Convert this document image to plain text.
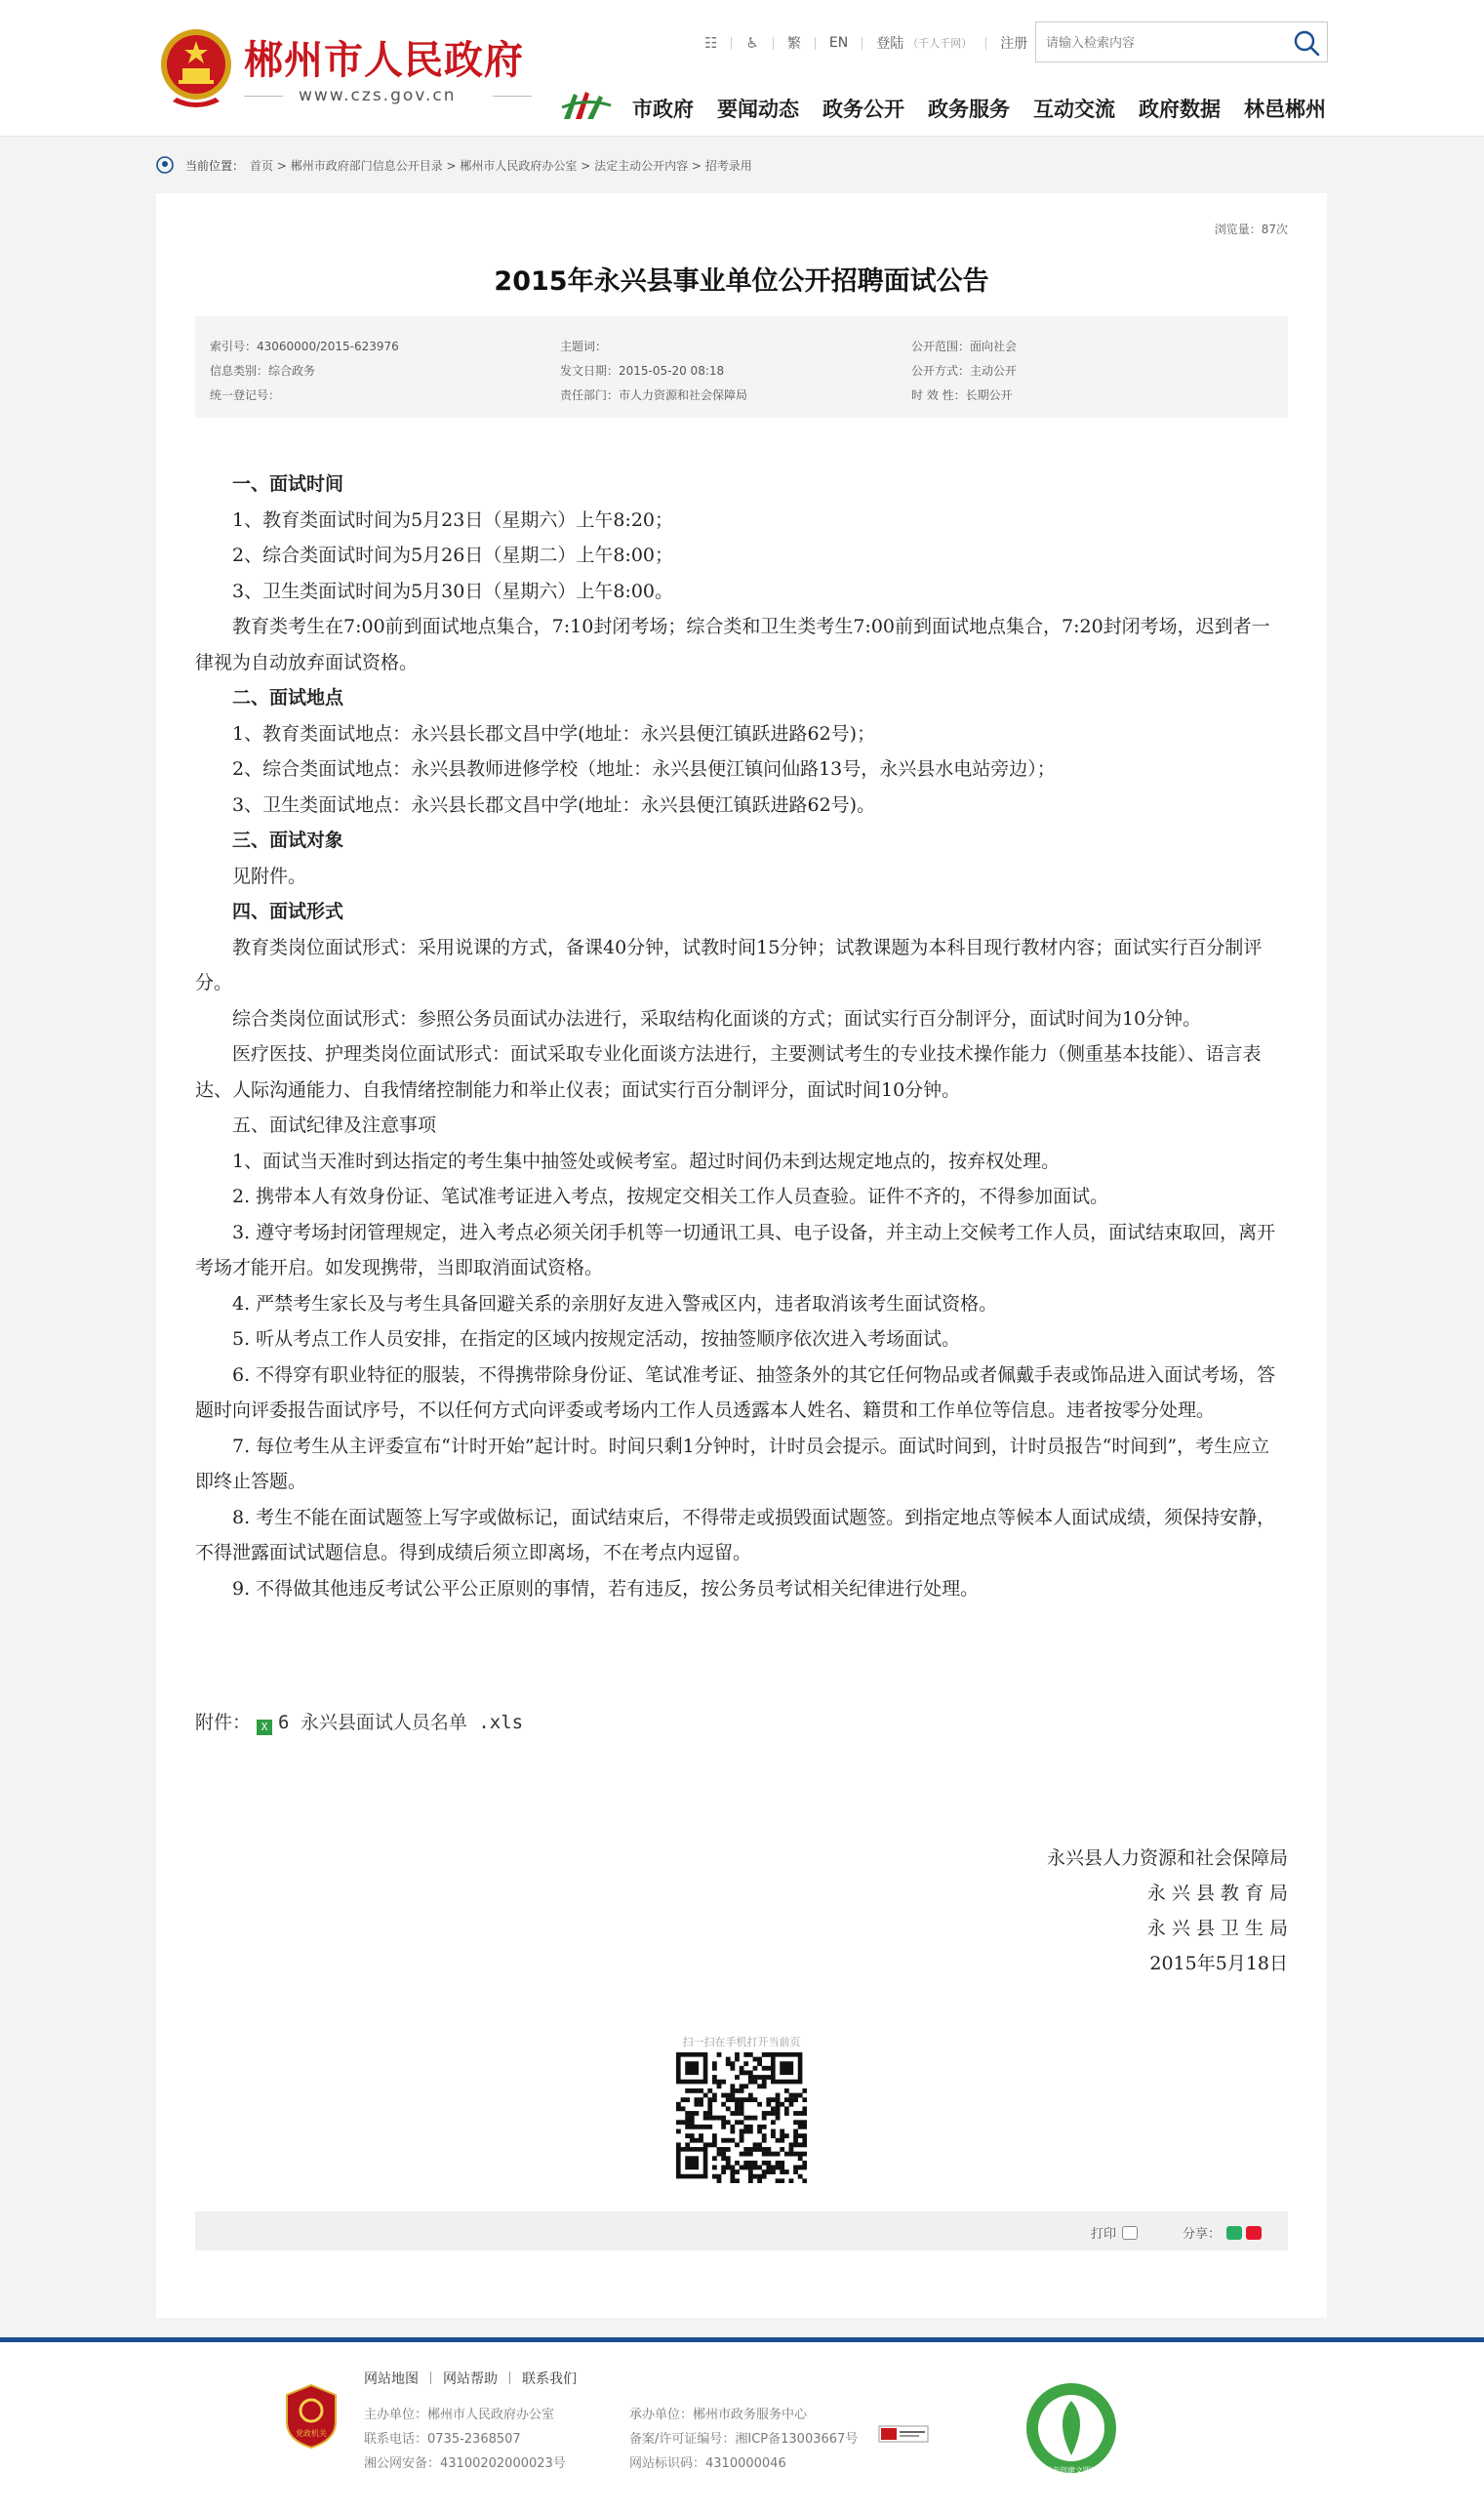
郴州市人民政府
www.czs.gov.cn
☷ ♿ 繁 EN 登陆 （千人千网） 注册
请输入检索内容
市政府 要闻动态 政务公开 政务服务 互动交流 政府数据 林邑郴州
当前位置： 首页 > 郴州市政府部门信息公开目录 > 郴州市人民政府办公室 > 法定主动公开内容 > 招考录用
浏览量：87次
2015年永兴县事业单位公开招聘面试公告
索引号：43060000/2015-623976
信息类别：综合政务
统一登记号：
主题词：
发文日期：2015-05-20 08:18
责任部门：市人力资源和社会保障局
公开范围：面向社会
公开方式：主动公开
时 效 性：长期公开

一、面试时间

1、教育类面试时间为5月23日（星期六）上午8:20；

2、综合类面试时间为5月26日（星期二）上午8:00；

3、卫生类面试时间为5月30日（星期六）上午8:00。

教育类考生在7:00前到面试地点集合，7:10封闭考场；综合类和卫生类考生7:00前到面试地点集合，7:20封闭考场，迟到者一律视为自动放弃面试资格。

二、面试地点

1、教育类面试地点：永兴县长郡文昌中学(地址：永兴县便江镇跃进路62号)；

2、综合类面试地点：永兴县教师进修学校（地址：永兴县便江镇问仙路13号，永兴县水电站旁边）；

3、卫生类面试地点：永兴县长郡文昌中学(地址：永兴县便江镇跃进路62号)。

三、面试对象

见附件。

四、面试形式

教育类岗位面试形式：采用说课的方式，备课40分钟，试教时间15分钟；试教课题为本科目现行教材内容；面试实行百分制评分。

综合类岗位面试形式：参照公务员面试办法进行，采取结构化面谈的方式；面试实行百分制评分，面试时间为10分钟。

医疗医技、护理类岗位面试形式：面试采取专业化面谈方法进行，主要测试考生的专业技术操作能力（侧重基本技能）、语言表达、人际沟通能力、自我情绪控制能力和举止仪表；面试实行百分制评分，面试时间10分钟。

五、面试纪律及注意事项

1、面试当天准时到达指定的考生集中抽签处或候考室。超过时间仍未到达规定地点的，按弃权处理。

2. 携带本人有效身份证、笔试准考证进入考点，按规定交相关工作人员查验。证件不齐的，不得参加面试。

3. 遵守考场封闭管理规定，进入考点必须关闭手机等一切通讯工具、电子设备，并主动上交候考工作人员，面试结束取回，离开考场才能开启。如发现携带，当即取消面试资格。

4. 严禁考生家长及与考生具备回避关系的亲朋好友进入警戒区内，违者取消该考生面试资格。

5. 听从考点工作人员安排，在指定的区域内按规定活动，按抽签顺序依次进入考场面试。

6. 不得穿有职业特征的服装，不得携带除身份证、笔试准考证、抽签条外的其它任何物品或者佩戴手表或饰品进入面试考场，答题时向评委报告面试序号，不以任何方式向评委或考场内工作人员透露本人姓名、籍贯和工作单位等信息。违者按零分处理。

7. 每位考生从主评委宣布“计时开始”起计时。时间只剩1分钟时，计时员会提示。面试时间到，计时员报告“时间到”，考生应立即终止答题。

8. 考生不能在面试题签上写字或做标记，面试结束后，不得带走或损毁面试题签。到指定地点等候本人面试成绩，须保持安静，不得泄露面试试题信息。得到成绩后须立即离场，不在考点内逗留。

9. 不得做其他违反考试公平公正原则的事情，若有违反，按公务员考试相关纪律进行处理。

附件： X 6 永兴县面试人员名单 .xls
永兴县人力资源和社会保障局
永 兴 县 教 育 局
永 兴 县 卫 生 局
2015年5月18日
扫一扫在手机打开当前页
打印	分享：
党政机关
网站地图 网站帮助 联系我们
主办单位：郴州市人民政府办公室
联系电话：0735-2368507
湘公网安备：43100202000023号
承办单位：郴州市政务服务中心
备案/许可证编号：湘ICP备13003667号
网站标识码：4310000046	郴州市创建文明城市
